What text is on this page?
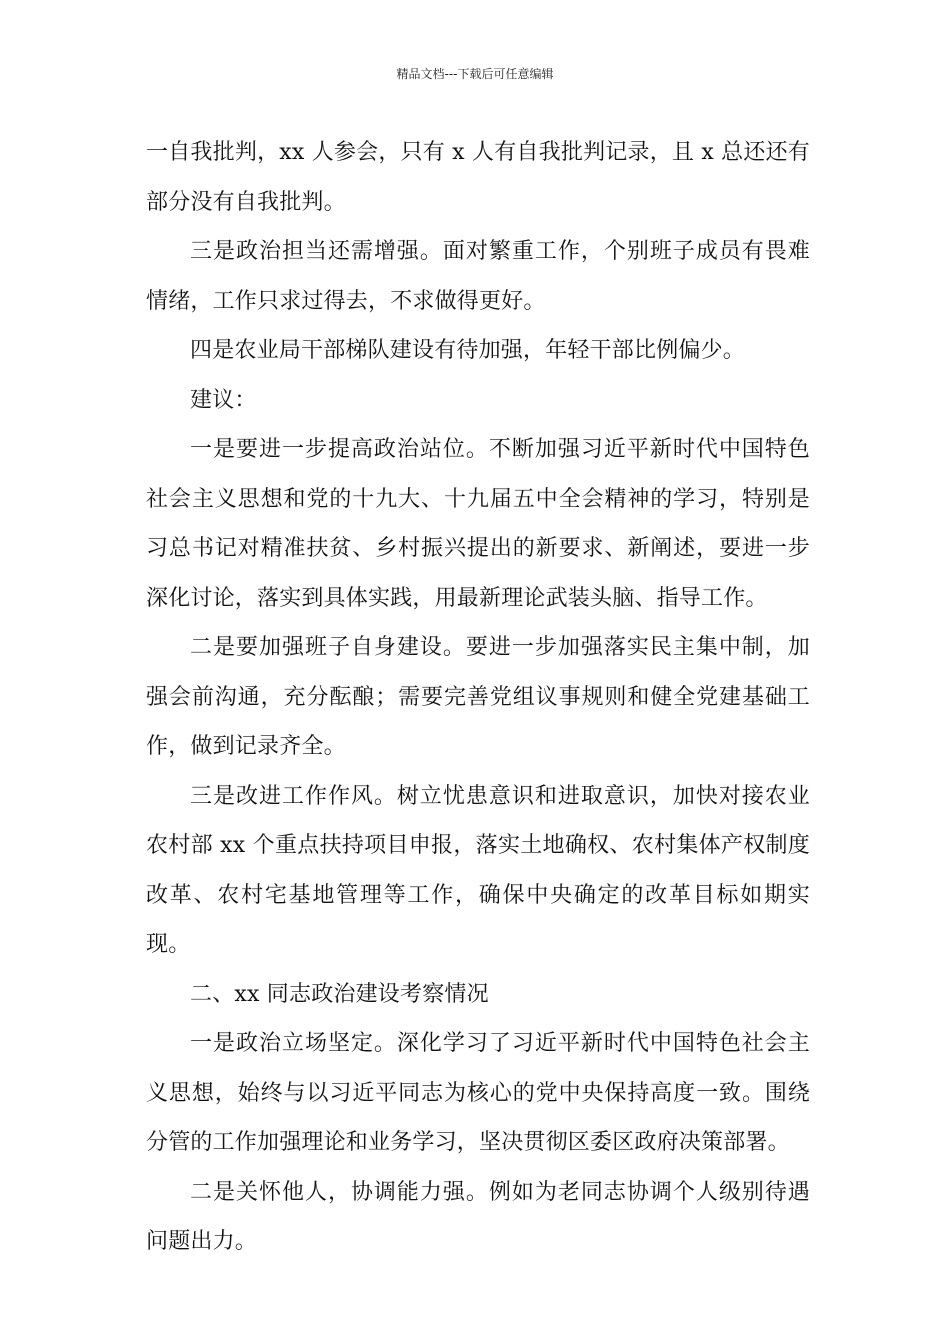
精品文档---下载后可任意编辑

一自我批判，xx 人参会，只有 x 人有自我批判记录，且 x 总还还有部分没有自我批判。

三是政治担当还需增强。面对繁重工作，个别班子成员有畏难情绪，工作只求过得去，不求做得更好。

四是农业局干部梯队建设有待加强，年轻干部比例偏少。

建议：

一是要进一步提高政治站位。不断加强习近平新时代中国特色社会主义思想和党的十九大、十九届五中全会精神的学习，特别是习总书记对精准扶贫、乡村振兴提出的新要求、新阐述，要进一步深化讨论，落实到具体实践，用最新理论武装头脑、指导工作。

二是要加强班子自身建设。要进一步加强落实民主集中制，加强会前沟通，充分酝酿；需要完善党组议事规则和健全党建基础工作，做到记录齐全。

三是改进工作作风。树立忧患意识和进取意识，加快对接农业农村部 xx 个重点扶持项目申报，落实土地确权、农村集体产权制度改革、农村宅基地管理等工作，确保中央确定的改革目标如期实现。

二、xx 同志政治建设考察情况

一是政治立场坚定。深化学习了习近平新时代中国特色社会主义思想，始终与以习近平同志为核心的党中央保持高度一致。围绕分管的工作加强理论和业务学习，坚决贯彻区委区政府决策部署。

二是关怀他人，协调能力强。例如为老同志协调个人级别待遇问题出力。
